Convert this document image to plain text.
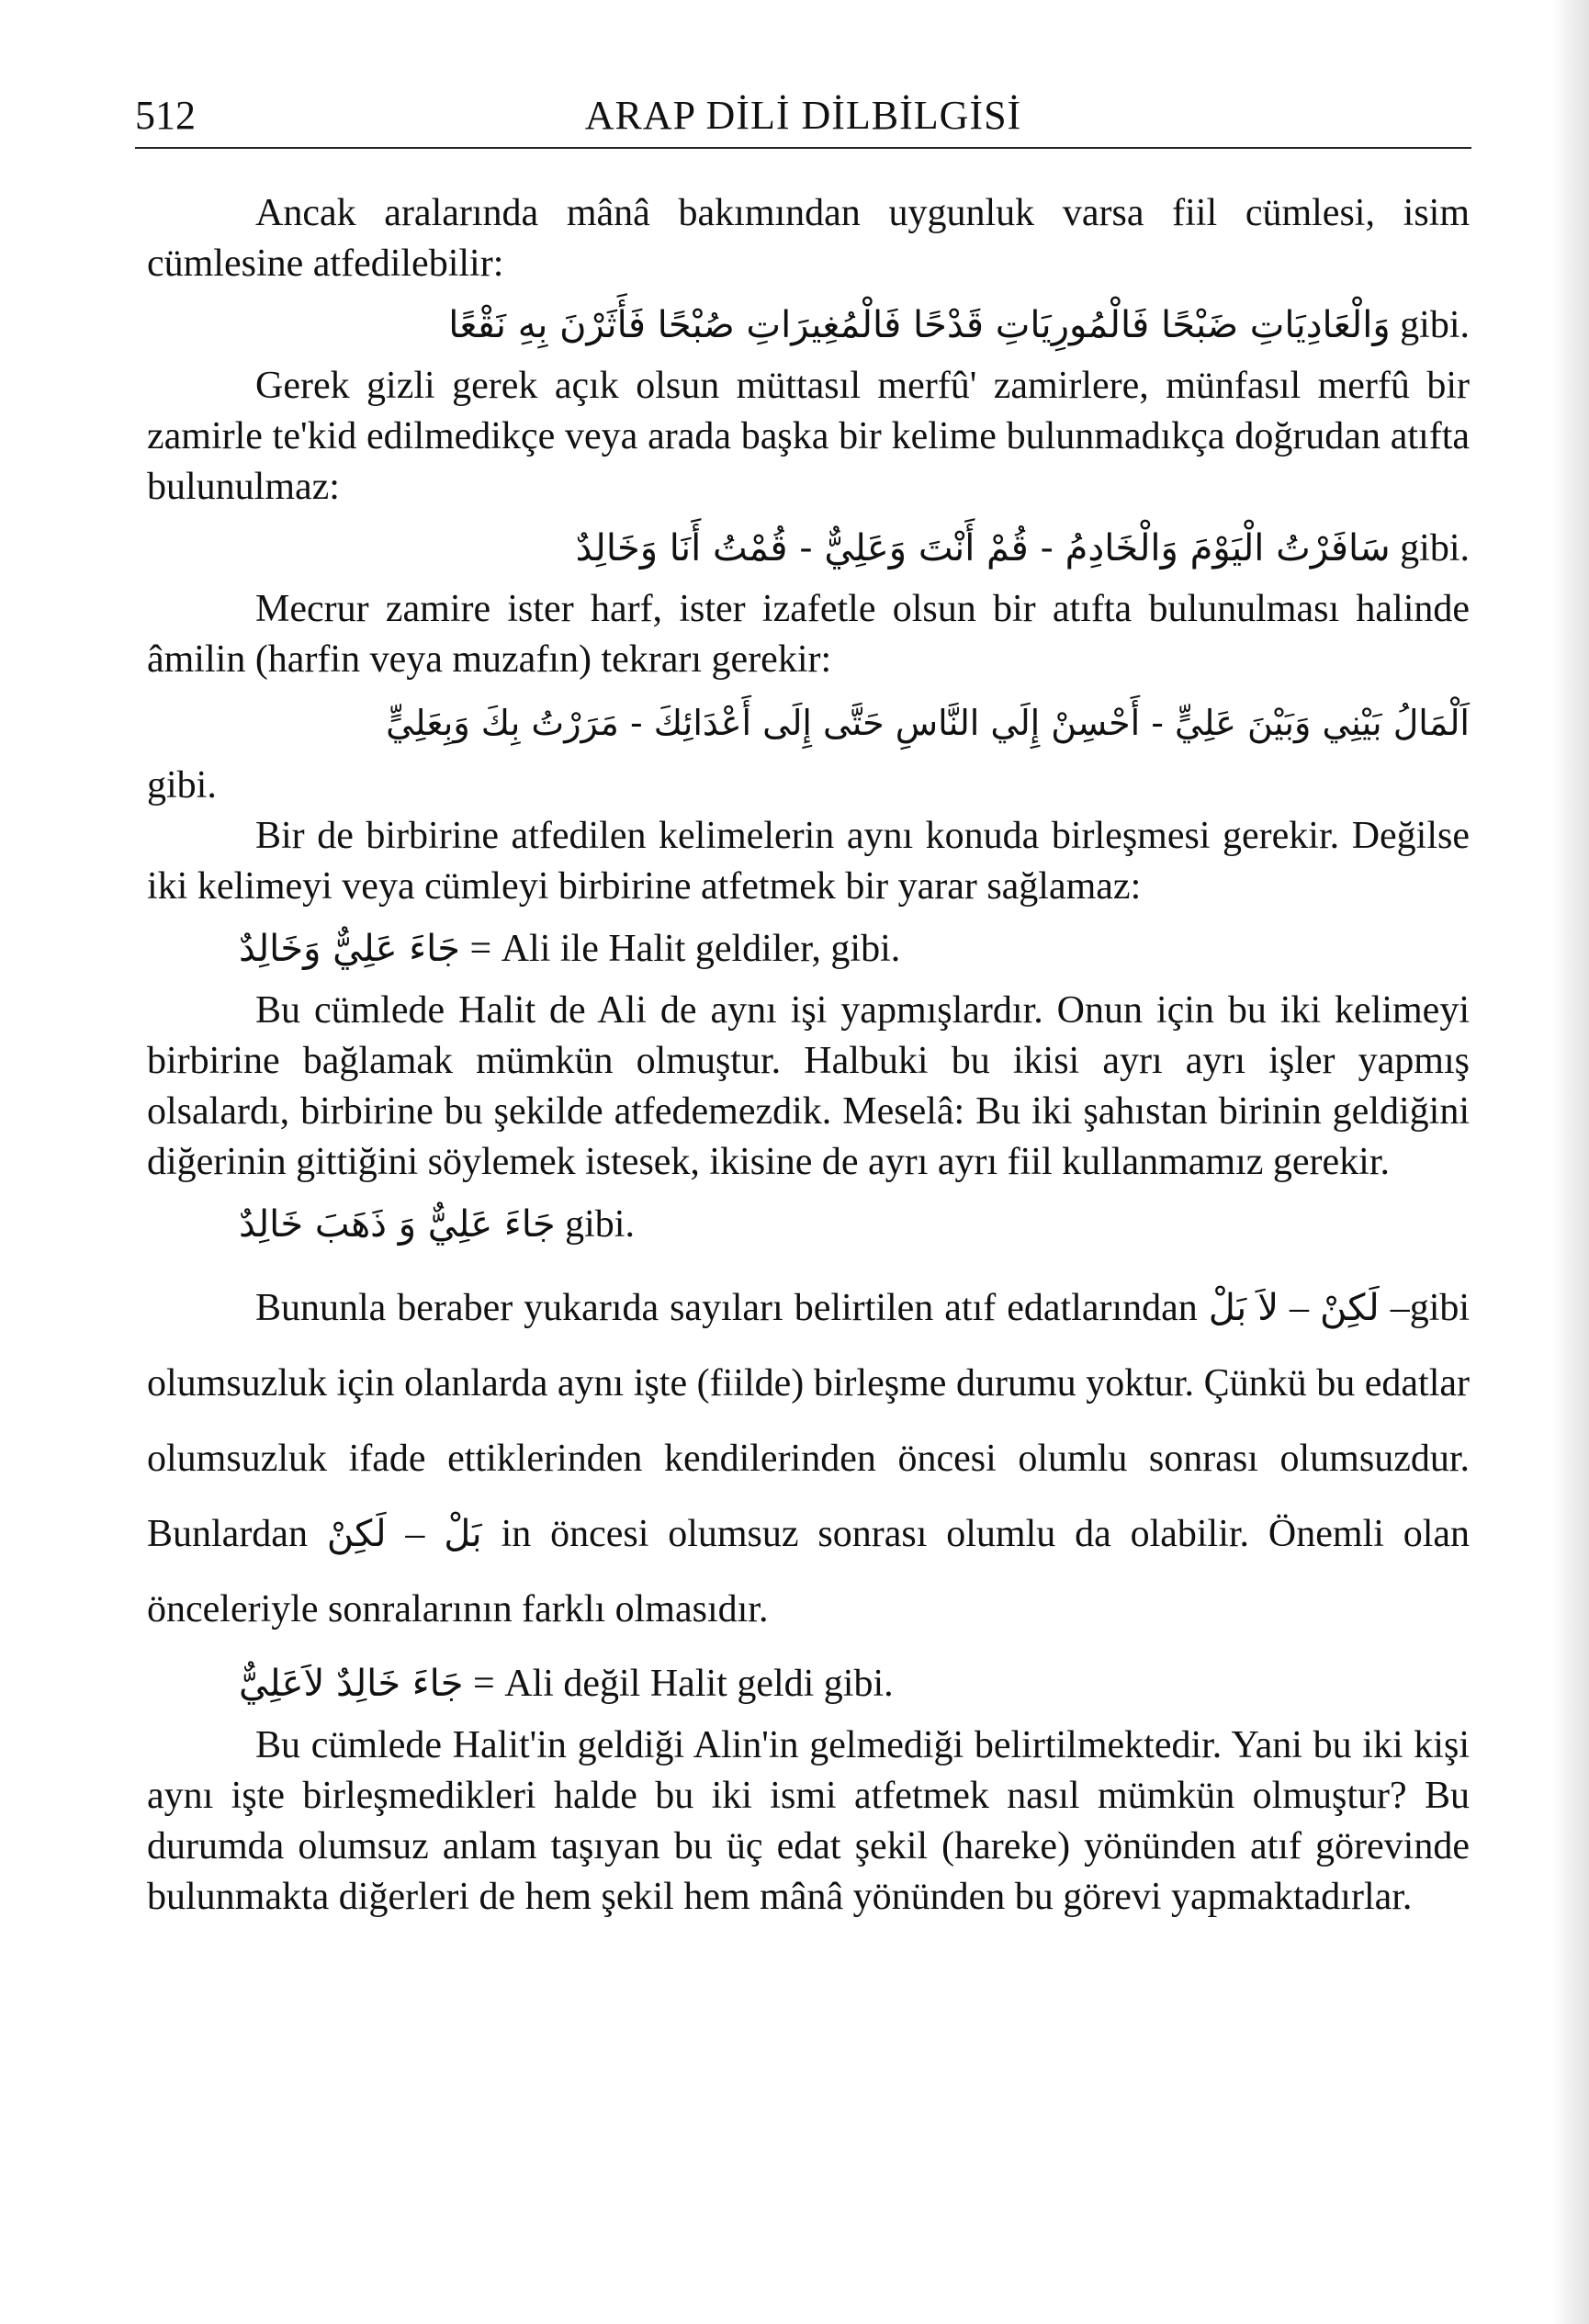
512	ARAP DİLİ DİLBİLGİSİ

Ancak aralarında mânâ bakımından uygunluk varsa fiil cümlesi, isim cümlesine atfedilebilir:

وَالْعَادِيَاتِ ضَبْحًا فَالْمُورِيَاتِ قَدْحًا فَالْمُغِيرَاتِ صُبْحًا فَأَثَرْنَ بِهِ نَقْعًا gibi.

Gerek gizli gerek açık olsun müttasıl merfû' zamirlere, münfasıl merfû bir zamirle te'kid edilmedikçe veya arada başka bir kelime bulunmadıkça doğrudan atıfta bulunulmaz:

سَافَرْتُ الْيَوْمَ وَالْخَادِمُ - قُمْ أَنْتَ وَعَلِيٌّ - قُمْتُ أَنَا وَخَالِدٌ gibi.

Mecrur zamire ister harf, ister izafetle olsun bir atıfta bulunulması halinde âmilin (harfin veya muzafın) tekrarı gerekir:

اَلْمَالُ بَيْنِي وَبَيْنَ عَلِيٍّ - أَحْسِنْ إِلَي النَّاسِ حَتَّى إِلَى أَعْدَائِكَ - مَرَرْتُ بِكَ وَبِعَلِيٍّ

gibi.

Bir de birbirine atfedilen kelimelerin aynı konuda birleşmesi gerekir. Değilse iki kelimeyi veya cümleyi birbirine atfetmek bir yarar sağlamaz:

جَاءَ عَلِيٌّ وَخَالِدٌ = Ali ile Halit geldiler, gibi.

Bu cümlede Halit de Ali de aynı işi yapmışlardır. Onun için bu iki kelimeyi birbirine bağlamak mümkün olmuştur. Halbuki bu ikisi ayrı ayrı işler yapmış olsalardı, birbirine bu şekilde atfedemezdik. Meselâ: Bu iki şahıstan birinin geldiğini diğerinin gittiğini söylemek istesek, ikisine de ayrı ayrı fiil kullanmamız gerekir.

جَاءَ عَلِيٌّ وَ ذَهَبَ خَالِدٌ gibi.

Bununla beraber yukarıda sayıları belirtilen atıf edatlarından بَلْ لاَ – لَكِنْ –gibi olumsuzluk için olanlarda aynı işte (fiilde) birleşme durumu yoktur. Çünkü bu edatlar olumsuzluk ifade ettiklerinden kendilerinden öncesi olumlu sonrası olumsuzdur. Bunlardan لَكِنْ – بَلْ in öncesi olumsuz sonrası olumlu da olabilir. Önemli olan önceleriyle sonralarının farklı olmasıdır.

جَاءَ خَالِدٌ لاَعَلِيٌّ = Ali değil Halit geldi gibi.

Bu cümlede Halit'in geldiği Alin'in gelmediği belirtilmektedir. Yani bu iki kişi aynı işte birleşmedikleri halde bu iki ismi atfetmek nasıl mümkün olmuştur? Bu durumda olumsuz anlam taşıyan bu üç edat şekil (hareke) yönünden atıf görevinde bulunmakta diğerleri de hem şekil hem mânâ yönünden bu görevi yapmaktadırlar.
